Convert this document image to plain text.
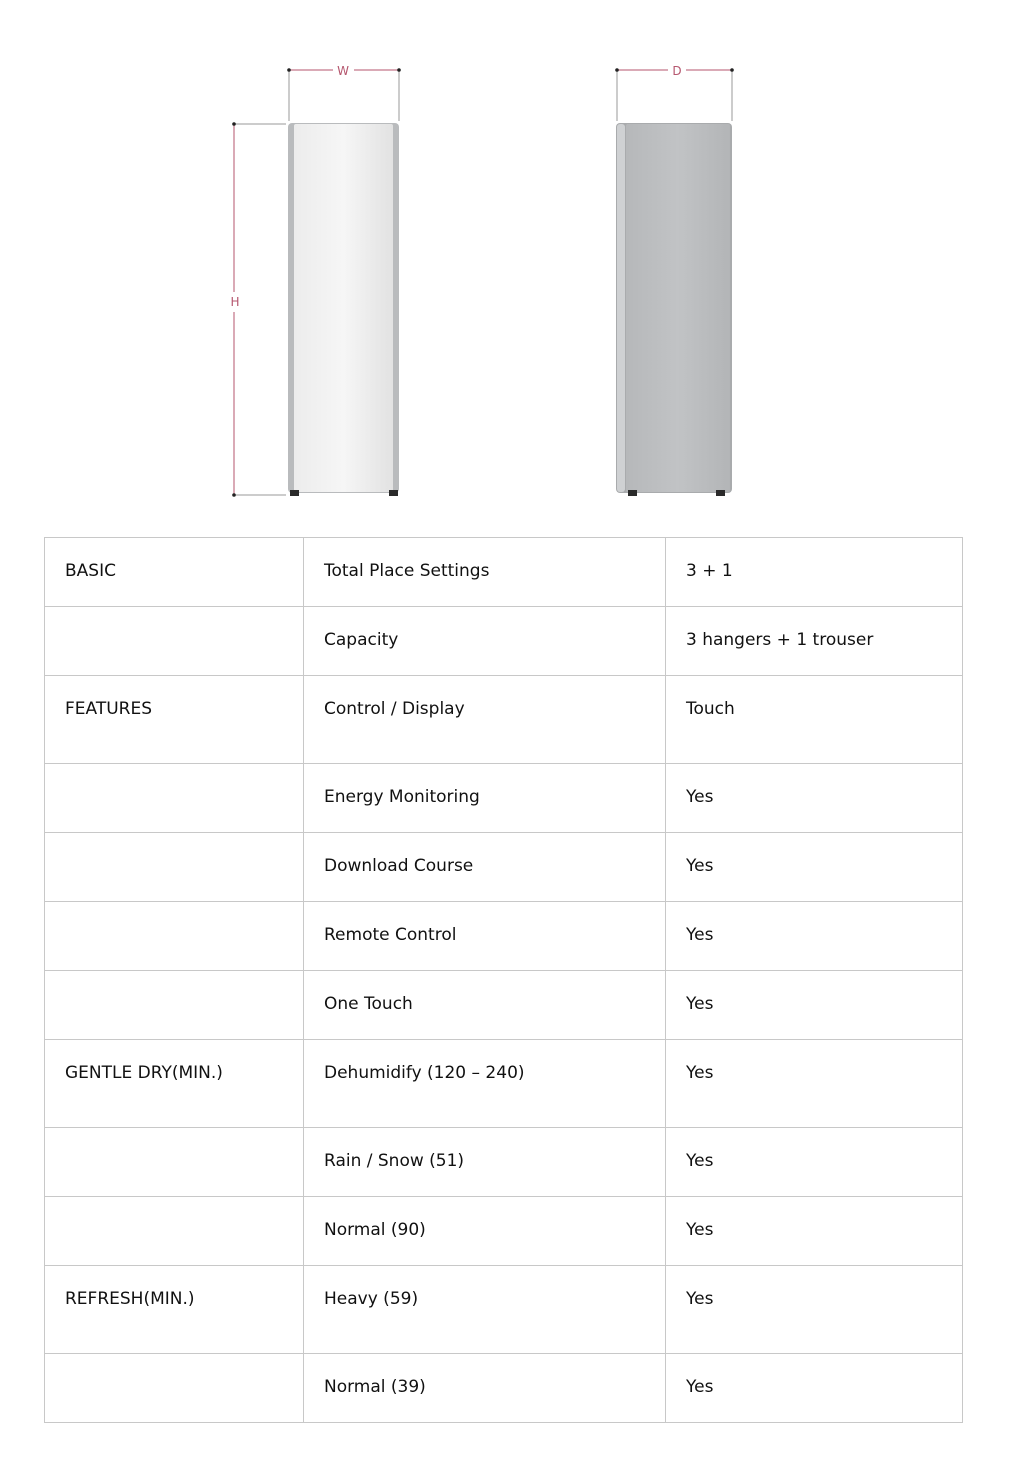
W
H
D
BASIC	Total Place Settings	3 + 1
	Capacity	3 hangers + 1 trouser
FEATURES	Control / Display	Touch
	Energy Monitoring	Yes
	Download Course	Yes
	Remote Control	Yes
	One Touch	Yes
GENTLE DRY(MIN.)	Dehumidify (120 – 240)	Yes
	Rain / Snow (51)	Yes
	Normal (90)	Yes
REFRESH(MIN.)	Heavy (59)	Yes
	Normal (39)	Yes
